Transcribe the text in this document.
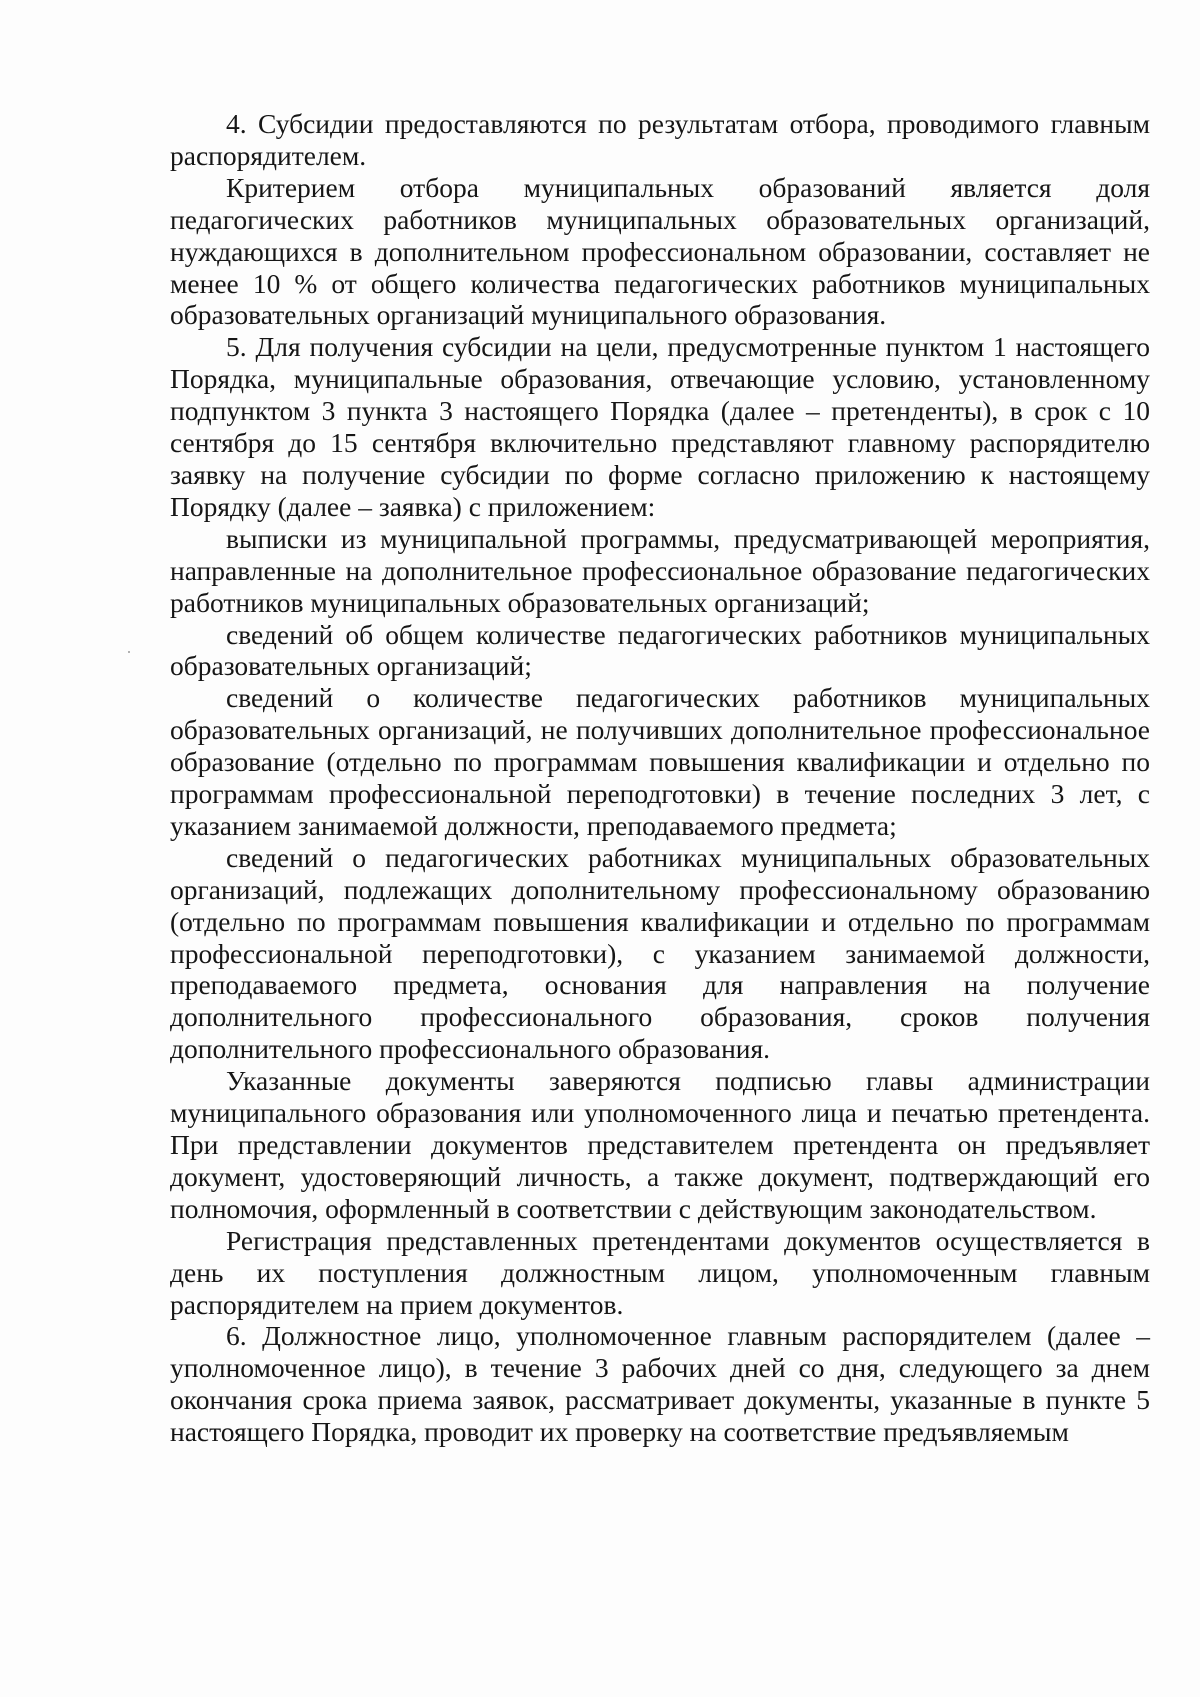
4. Субсидии предоставляются по результатам отбора, проводимого главным распорядителем.

Критерием отбора муниципальных образований является доля педагогических работников муниципальных образовательных организаций, нуждающихся в дополнительном профессиональном образовании, составляет не менее 10 % от общего количества педагогических работников муниципальных образовательных организаций муниципального образования.

5. Для получения субсидии на цели, предусмотренные пунктом 1 настоящего Порядка, муниципальные образования, отвечающие условию, установленному подпунктом 3 пункта 3 настоящего Порядка (далее – претенденты), в срок с 10 сентября до 15 сентября включительно представляют главному распорядителю заявку на получение субсидии по форме согласно приложению к настоящему Порядку (далее – заявка) с приложением:

выписки из муниципальной программы, предусматривающей мероприятия, направленные на дополнительное профессиональное образование педагогических работников муниципальных образовательных организаций;

сведений об общем количестве педагогических работников муниципальных образовательных организаций;

сведений о количестве педагогических работников муниципальных образовательных организаций, не получивших дополнительное профессиональное образование (отдельно по программам повышения квалификации и отдельно по программам профессиональной переподготовки) в течение последних 3 лет, с указанием занимаемой должности, преподаваемого предмета;

сведений о педагогических работниках муниципальных образовательных организаций, подлежащих дополнительному профессиональному образованию (отдельно по программам повышения квалификации и отдельно по программам профессиональной переподготовки), с указанием занимаемой должности, преподаваемого предмета, основания для направления на получение дополнительного профессионального образования, сроков получения дополнительного профессионального образования.

Указанные документы заверяются подписью главы администрации муниципального образования или уполномоченного лица и печатью претендента. При представлении документов представителем претендента он предъявляет документ, удостоверяющий личность, а также документ, подтверждающий его полномочия, оформленный в соответствии с действующим законодательством.

Регистрация представленных претендентами документов осуществляется в день их поступления должностным лицом, уполномоченным главным распорядителем на прием документов.

6. Должностное лицо, уполномоченное главным распорядителем (далее – уполномоченное лицо), в течение 3 рабочих дней со дня, следующего за днем окончания срока приема заявок, рассматривает документы, указанные в пункте 5 настоящего Порядка, проводит их проверку на соответствие предъявляемым
